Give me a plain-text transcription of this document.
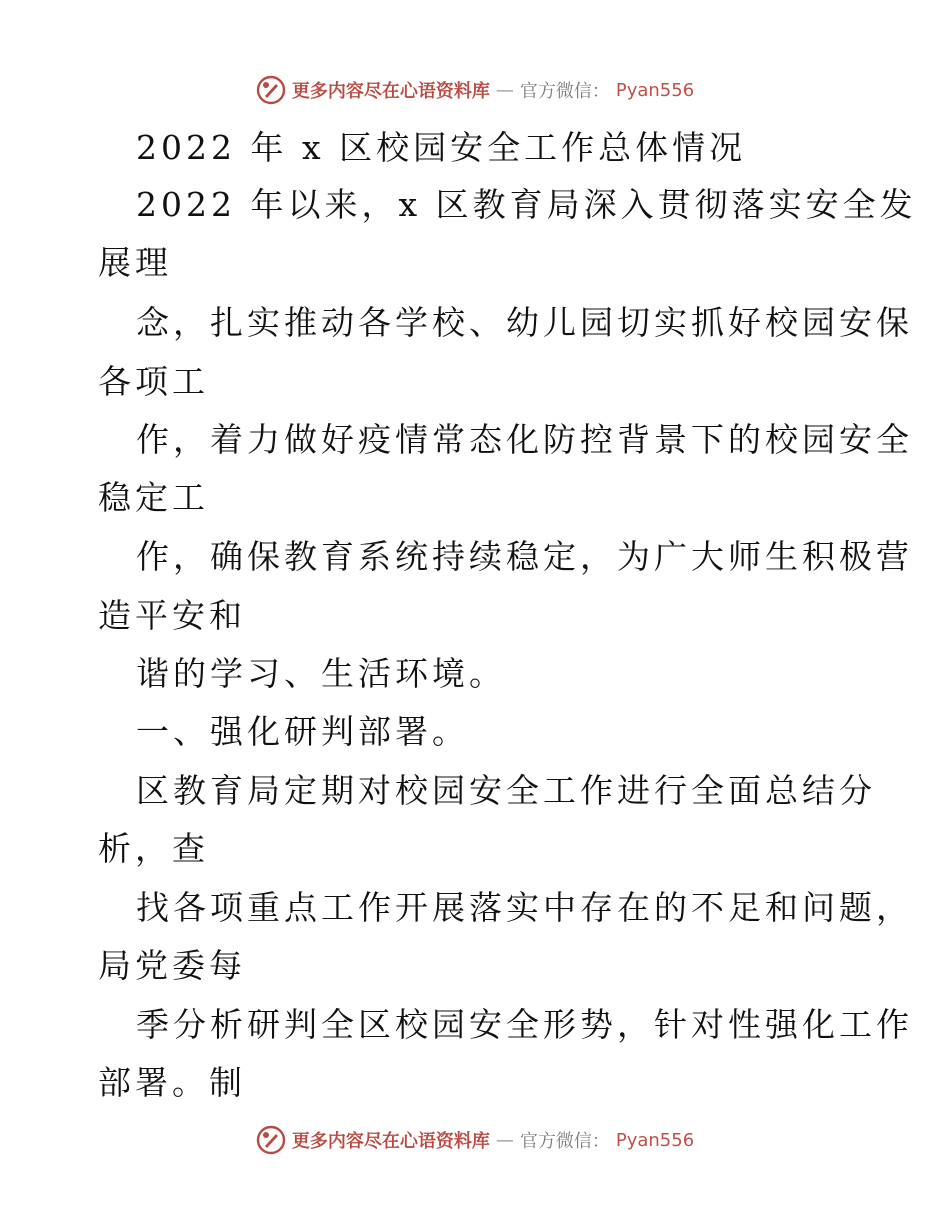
更多内容尽在心语资料库 — 官方微信： Pyan556
2022 年 x 区校园安全工作总体情况
2022 年以来，x 区教育局深入贯彻落实安全发
展理
念，扎实推动各学校、幼儿园切实抓好校园安保
各项工
作，着力做好疫情常态化防控背景下的校园安全
稳定工
作，确保教育系统持续稳定，为广大师生积极营
造平安和
谐的学习、生活环境。
一、强化研判部署。
区教育局定期对校园安全工作进行全面总结分
析，查
找各项重点工作开展落实中存在的不足和问题，
局党委每
季分析研判全区校园安全形势，针对性强化工作
部署。制
更多内容尽在心语资料库 — 官方微信： Pyan556
